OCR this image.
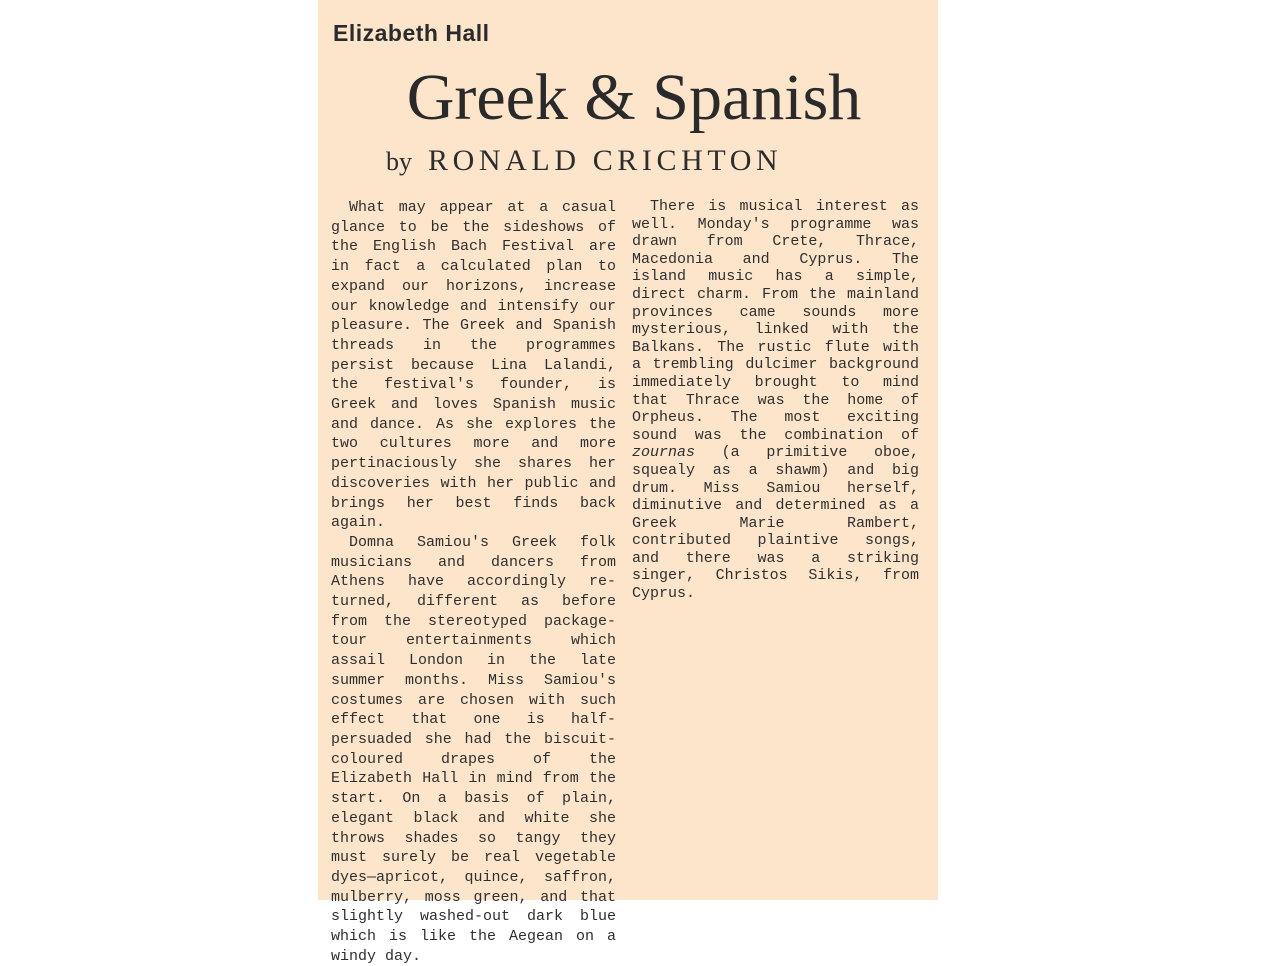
Elizabeth Hall
Greek & Spanish
by RONALD CRICHTON

What may appear at a casual glance to be the sideshows of the English Bach Festival are in fact a calculated plan to expand our horizons, increase our knowledge and intensify our pleasure. The Greek and Spanish threads in the programmes persist because Lina Lalandi, the festival's founder, is Greek and loves Spanish music and dance. As she explores the two cultures more and more pertinaciously she shares her discoveries with her public and brings her best finds back again.

Domna Samiou's Greek folk musicians and dancers from Athens have accordingly returned, different as before from the stereotyped package-tour entertainments which assail London in the late summer months. Miss Samiou's costumes are chosen with such effect that one is half-persuaded she had the biscuit-coloured drapes of the Elizabeth Hall in mind from the start. On a basis of plain, elegant black and white she throws shades so tangy they must surely be real vegetable dyes—apricot, quince, saffron, mulberry, moss green, and that slightly washed-out dark blue which is like the Aegean on a windy day.

There is musical interest as well. Monday's programme was drawn from Crete, Thrace, Macedonia and Cyprus. The island music has a simple, direct charm. From the mainland provinces came sounds more mysterious, linked with the Balkans. The rustic flute with a trembling dulcimer background immediately brought to mind that Thrace was the home of Orpheus. The most exciting sound was the combination of zournas (a primitive oboe, squealy as a shawm) and big drum. Miss Samiou herself, diminutive and determined as a Greek Marie Rambert, contributed plaintive songs, and there was a striking singer, Christos Sikis, from Cyprus.
